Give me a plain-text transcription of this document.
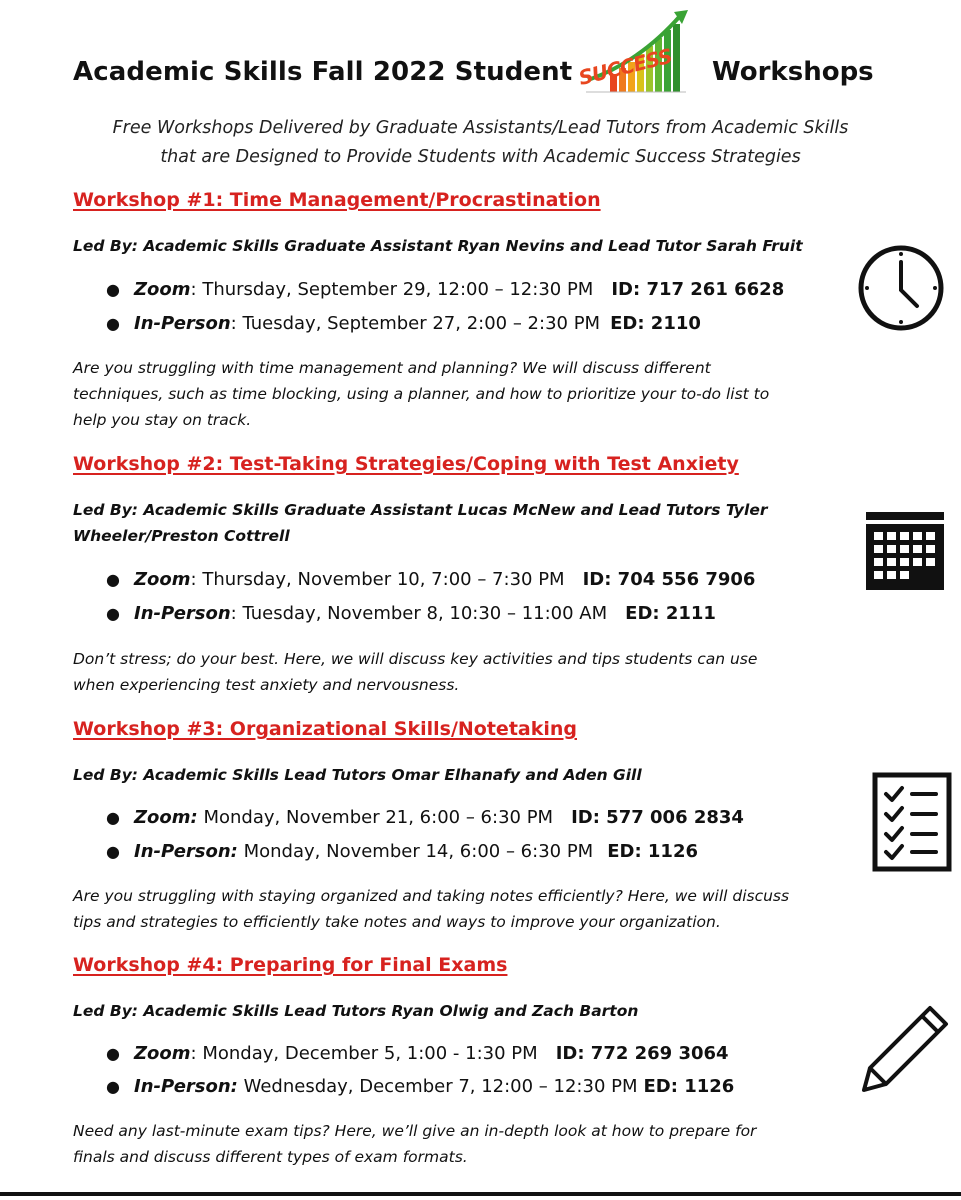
Academic Skills Fall 2022 Student SUCCESS Workshops
Free Workshops Delivered by Graduate Assistants/Lead Tutors from Academic Skills
that are Designed to Provide Students with Academic Success Strategies
Workshop #1: Time Management/Procrastination
Led By: Academic Skills Graduate Assistant Ryan Nevins and Lead Tutor Sarah Fruit
● Zoom: Thursday, September 29, 12:00 – 12:30 PM ID: 717 261 6628
● In-Person: Tuesday, September 27, 2:00 – 2:30 PM ED: 2110
Are you struggling with time management and planning? We will discuss different
techniques, such as time blocking, using a planner, and how to prioritize your to-do list to
help you stay on track.
Workshop #2: Test-Taking Strategies/Coping with Test Anxiety
Led By: Academic Skills Graduate Assistant Lucas McNew and Lead Tutors Tyler
Wheeler/Preston Cottrell
● Zoom: Thursday, November 10, 7:00 – 7:30 PM ID: 704 556 7906
● In-Person: Tuesday, November 8, 10:30 – 11:00 AM ED: 2111
Don’t stress; do your best. Here, we will discuss key activities and tips students can use
when experiencing test anxiety and nervousness.
Workshop #3: Organizational Skills/Notetaking
Led By: Academic Skills Lead Tutors Omar Elhanafy and Aden Gill
● Zoom: Monday, November 21, 6:00 – 6:30 PM ID: 577 006 2834
● In-Person: Monday, November 14, 6:00 – 6:30 PM ED: 1126
Are you struggling with staying organized and taking notes efficiently? Here, we will discuss
tips and strategies to efficiently take notes and ways to improve your organization.
Workshop #4: Preparing for Final Exams
Led By: Academic Skills Lead Tutors Ryan Olwig and Zach Barton
● Zoom: Monday, December 5, 1:00 - 1:30 PM ID: 772 269 3064
● In-Person: Wednesday, December 7, 12:00 – 12:30 PM ED: 1126
Need any last-minute exam tips? Here, we’ll give an in-depth look at how to prepare for
finals and discuss different types of exam formats.
